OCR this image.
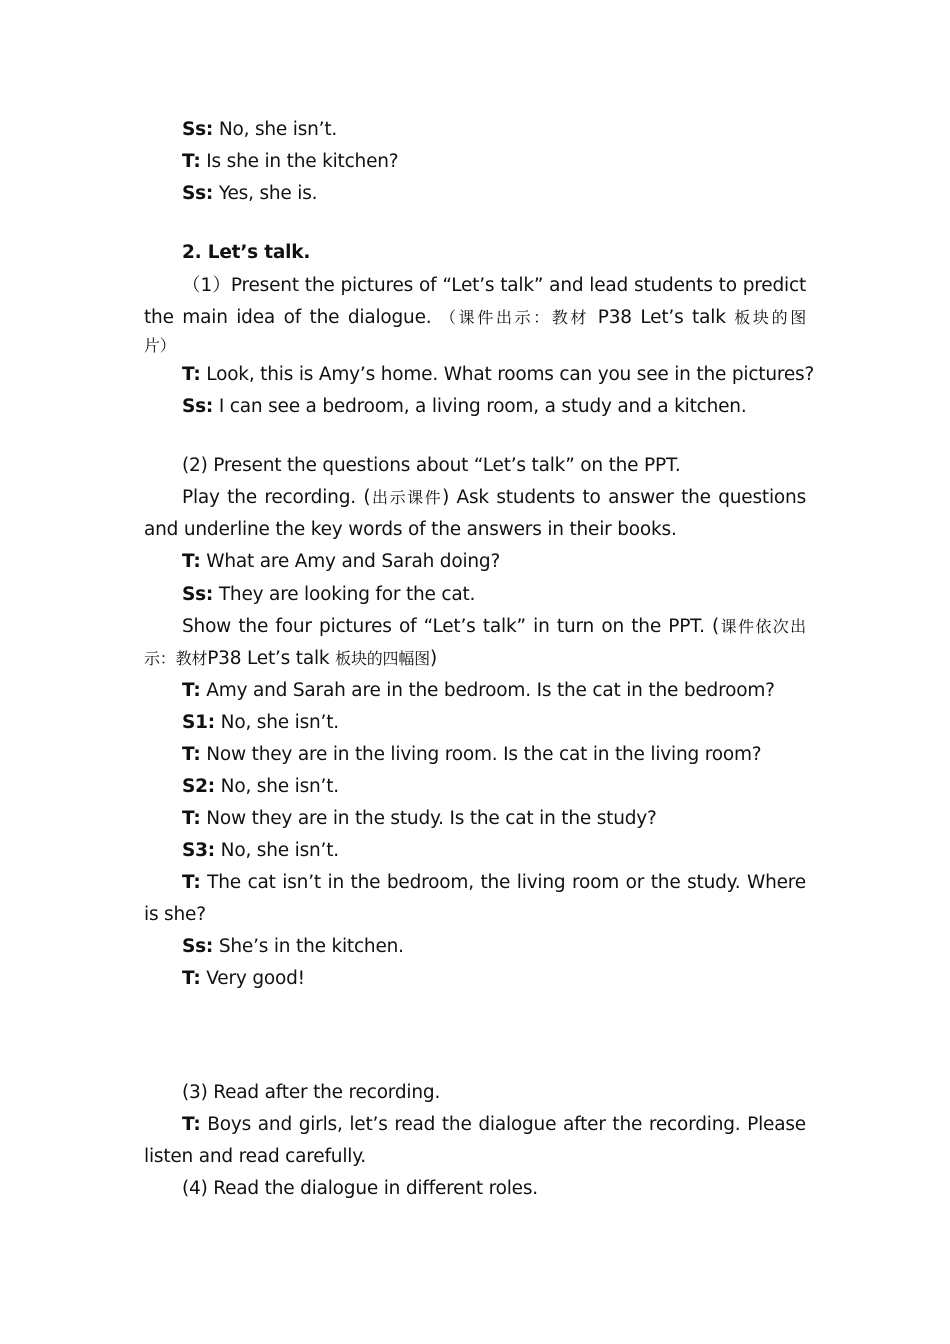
Ss: No, she isn’t.
T: Is she in the kitchen?
Ss: Yes, she is.
2. Let’s talk.
（1）Present the pictures of “Let’s talk” and lead students to predict
the main idea of the dialogue. （课件出示：教材 P38 Let’s talk 板块的图
片）
T: Look, this is Amy’s home. What rooms can you see in the pictures?
Ss: I can see a bedroom, a living room, a study and a kitchen.
(2) Present the questions about “Let’s talk” on the PPT.
Play the recording. (出示课件) Ask students to answer the questions
and underline the key words of the answers in their books.
T: What are Amy and Sarah doing?
Ss: They are looking for the cat.
Show the four pictures of “Let’s talk” in turn on the PPT. (课件依次出
示：教材P38 Let’s talk 板块的四幅图)
T: Amy and Sarah are in the bedroom. Is the cat in the bedroom?
S1: No, she isn’t.
T: Now they are in the living room. Is the cat in the living room?
S2: No, she isn’t.
T: Now they are in the study. Is the cat in the study?
S3: No, she isn’t.
T: The cat isn’t in the bedroom, the living room or the study. Where
is she?
Ss: She’s in the kitchen.
T: Very good!
(3) Read after the recording.
T: Boys and girls, let’s read the dialogue after the recording. Please
listen and read carefully.
(4) Read the dialogue in different roles.
